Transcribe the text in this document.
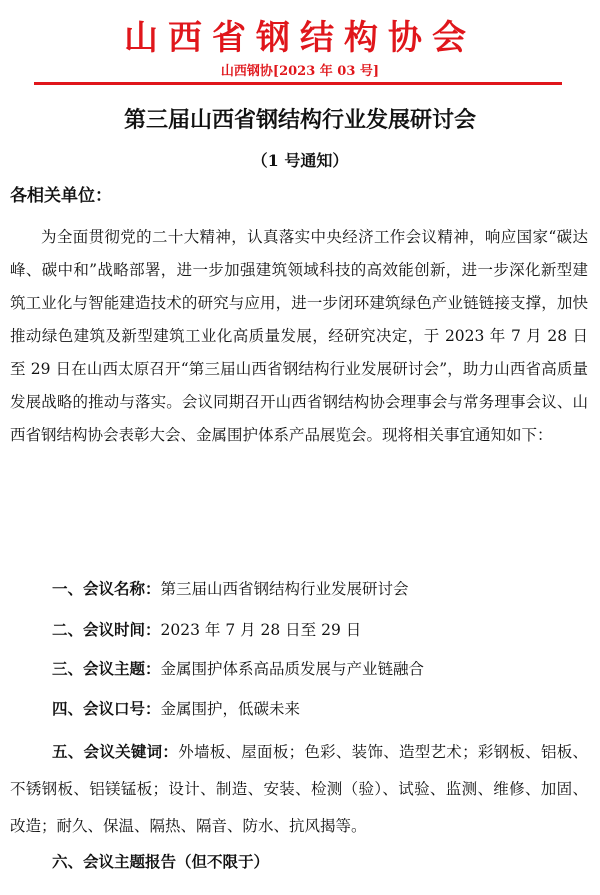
山西省钢结构协会
山西钢协[2023 年 03 号]
第三届山西省钢结构行业发展研讨会
（1 号通知）
各相关单位：
为全面贯彻党的二十大精神，认真落实中央经济工作会议精神，响应国家“碳达峰、碳中和”战略部署，进一步加强建筑领域科技的高效能创新，进一步深化新型建筑工业化与智能建造技术的研究与应用，进一步闭环建筑绿色产业链链接支撑，加快推动绿色建筑及新型建筑工业化高质量发展，经研究决定，于 2023 年 7 月 28 日至 29 日在山西太原召开“第三届山西省钢结构行业发展研讨会”，助力山西省高质量发展战略的推动与落实。会议同期召开山西省钢结构协会理事会与常务理事会议、山西省钢结构协会表彰大会、金属围护体系产品展览会。现将相关事宜通知如下：
一、会议名称：第三届山西省钢结构行业发展研讨会
二、会议时间：2023 年 7 月 28 日至 29 日
三、会议主题：金属围护体系高品质发展与产业链融合
四、会议口号：金属围护，低碳未来
五、会议关键词：外墙板、屋面板；色彩、装饰、造型艺术；彩钢板、铝板、不锈钢板、铝镁锰板；设计、制造、安装、检测（验）、试验、监测、维修、加固、改造；耐久、保温、隔热、隔音、防水、抗风揭等。
六、会议主题报告（但不限于）
